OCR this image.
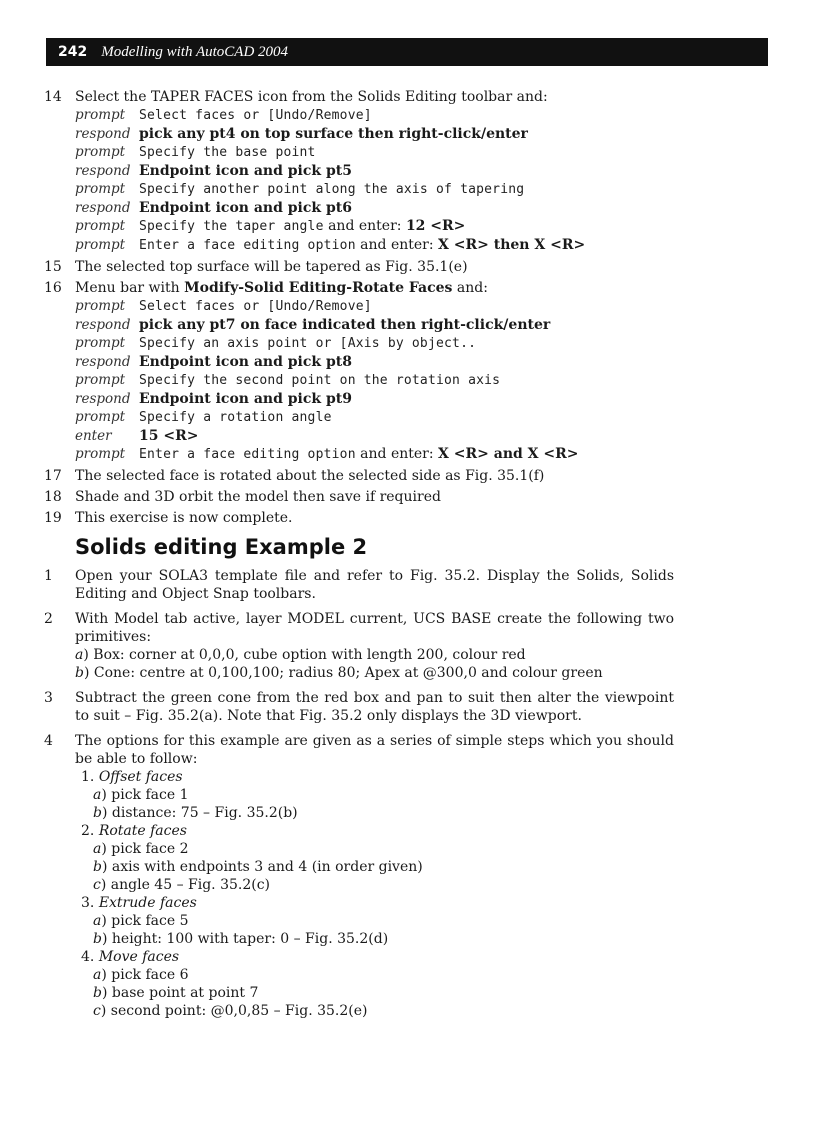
242 Modelling with AutoCAD 2004
14 Select the TAPER FACES icon from the Solids Editing toolbar and:
prompt	Select faces or [Undo/Remove]
respond pick any pt4 on top surface then right-click/enter
prompt	Specify the base point
respond Endpoint icon and pick pt5
prompt	Specify another point along the axis of tapering
respond Endpoint icon and pick pt6
prompt	Specify the taper angle and enter: 12 <R>
prompt	Enter a face editing option and enter: X <R> then X <R>
15 The selected top surface will be tapered as Fig. 35.1(e)
16 Menu bar with Modify-Solid Editing-Rotate Faces and:
prompt	Select faces or [Undo/Remove]
respond pick any pt7 on face indicated then right-click/enter
prompt	Specify an axis point or [Axis by object..
respond Endpoint icon and pick pt8
prompt	Specify the second point on the rotation axis
respond Endpoint icon and pick pt9
prompt	Specify a rotation angle
enter	15 <R>
prompt	Enter a face editing option and enter: X <R> and X <R>
17 The selected face is rotated about the selected side as Fig. 35.1(f)
18 Shade and 3D orbit the model then save if required
19 This exercise is now complete.
Solids editing Example 2
1 Open your SOLA3 template file and refer to Fig. 35.2. Display the Solids, Solids Editing and Object Snap toolbars.
2 With Model tab active, layer MODEL current, UCS BASE create the following two primitives:
a) Box: corner at 0,0,0, cube option with length 200, colour red
b) Cone: centre at 0,100,100; radius 80; Apex at @300,0 and colour green
3 Subtract the green cone from the red box and pan to suit then alter the viewpoint to suit – Fig. 35.2(a). Note that Fig. 35.2 only displays the 3D viewport.
4 The options for this example are given as a series of simple steps which you should be able to follow:
1. Offset faces
a) pick face 1
b) distance: 75 – Fig. 35.2(b)
2. Rotate faces
a) pick face 2
b) axis with endpoints 3 and 4 (in order given)
c) angle 45 – Fig. 35.2(c)
3. Extrude faces
a) pick face 5
b) height: 100 with taper: 0 – Fig. 35.2(d)
4. Move faces
a) pick face 6
b) base point at point 7
c) second point: @0,0,85 – Fig. 35.2(e)
